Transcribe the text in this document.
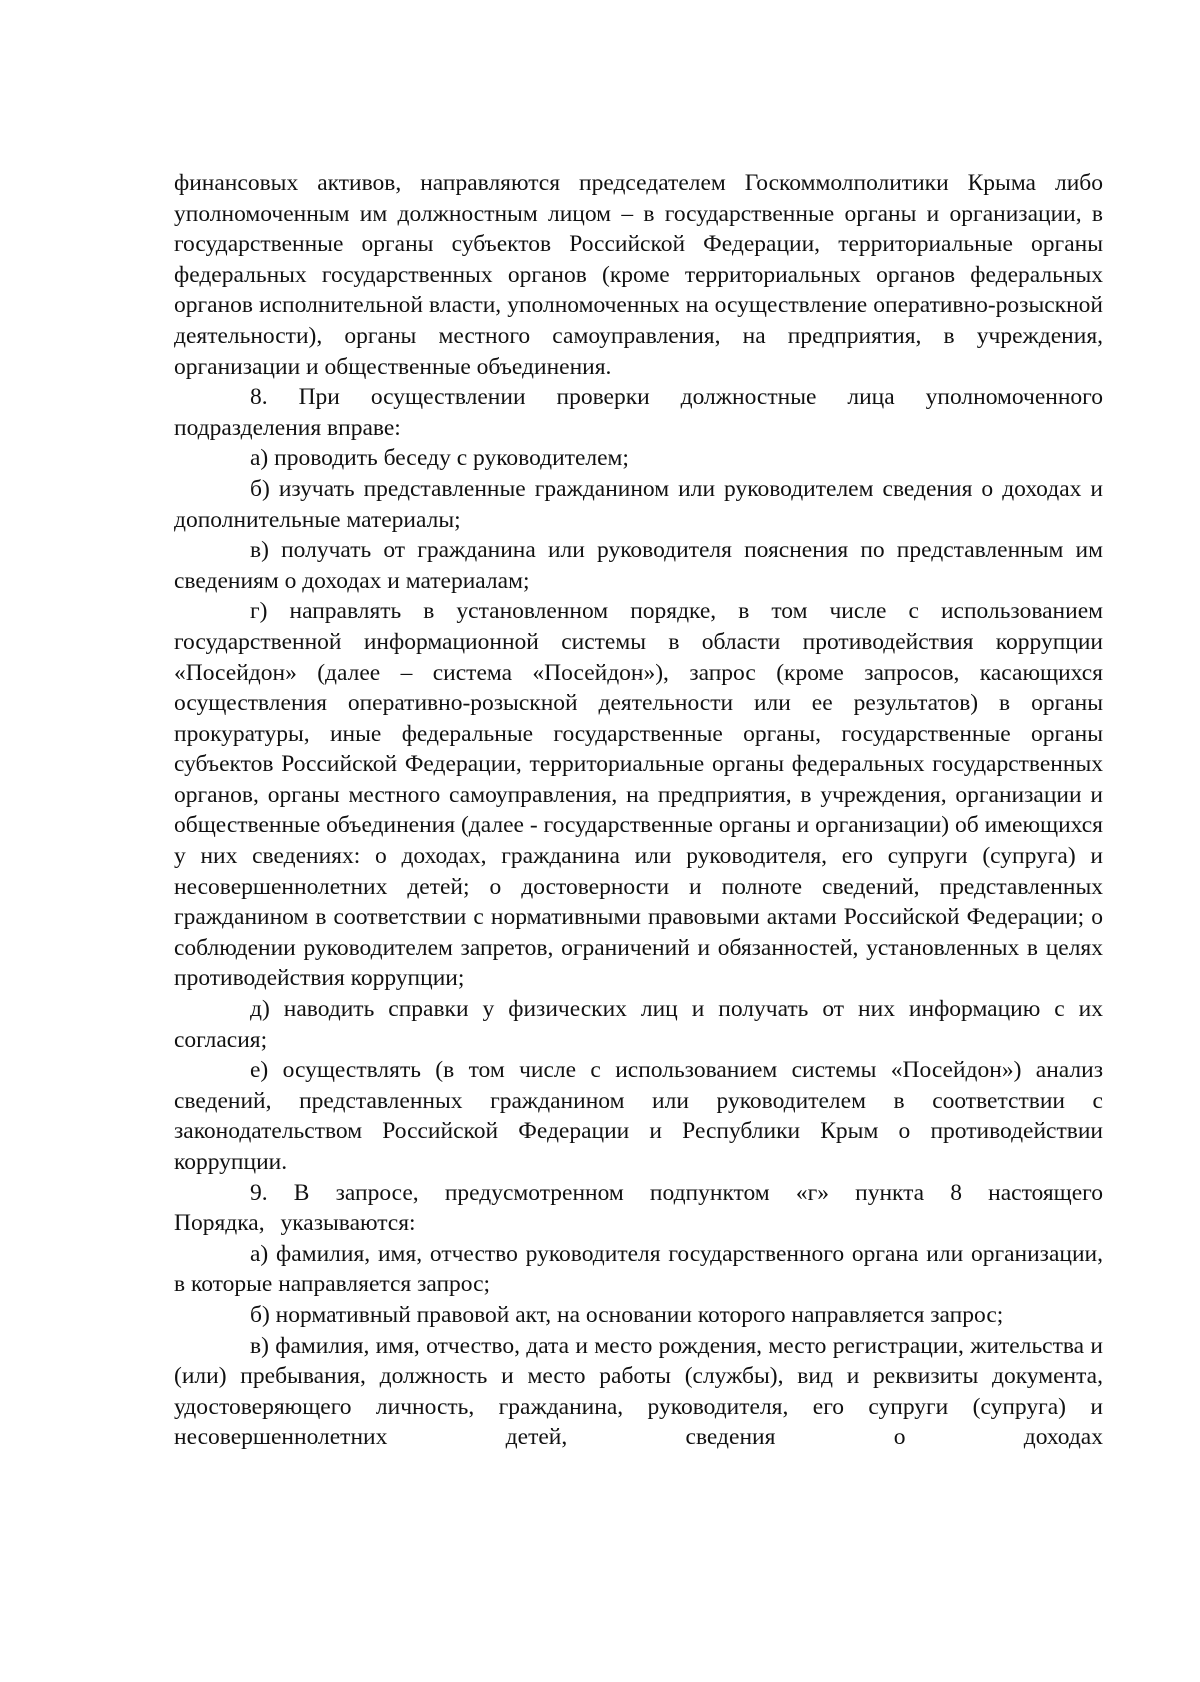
финансовых активов, направляются председателем Госкоммолполитики Крыма либо уполномоченным им должностным лицом – в государственные органы и организации, в государственные органы субъектов Российской Федерации, территориальные органы федеральных государственных органов (кроме территориальных органов федеральных органов исполнительной власти, уполномоченных на осуществление оперативно-розыскной деятельности), органы местного самоуправления, на предприятия, в учреждения, организации и общественные объединения.

8. При осуществлении проверки должностные лица уполномоченного подразделения вправе:

а) проводить беседу с руководителем;

б) изучать представленные гражданином или руководителем сведения о доходах и дополнительные материалы;

в) получать от гражданина или руководителя пояснения по представленным им сведениям о доходах и материалам;

г) направлять в установленном порядке, в том числе с использованием государственной информационной системы в области противодействия коррупции «Посейдон» (далее – система «Посейдон»), запрос (кроме запросов, касающихся осуществления оперативно-розыскной деятельности или ее результатов) в органы прокуратуры, иные федеральные государственные органы, государственные органы субъектов Российской Федерации, территориальные органы федеральных государственных органов, органы местного самоуправления, на предприятия, в учреждения, организации и общественные объединения (далее - государственные органы и организации) об имеющихся у них сведениях: о доходах, гражданина или руководителя, его супруги (супруга) и несовершеннолетних детей; о достоверности и полноте сведений, представленных гражданином в соответствии с нормативными правовыми актами Российской Федерации; о соблюдении руководителем запретов, ограничений и обязанностей, установленных в целях противодействия коррупции;

д) наводить справки у физических лиц и получать от них информацию с их согласия;

е) осуществлять (в том числе с использованием системы «Посейдон») анализ сведений, представленных гражданином или руководителем в соответствии с законодательством Российской Федерации и Республики Крым о противодействии коррупции.

9. В запросе, предусмотренном подпунктом «г» пункта 8 настоящего Порядка, указываются:

а) фамилия, имя, отчество руководителя государственного органа или организации, в которые направляется запрос;

б) нормативный правовой акт, на основании которого направляется запрос;

в) фамилия, имя, отчество, дата и место рождения, место регистрации, жительства и (или) пребывания, должность и место работы (службы), вид и реквизиты документа, удостоверяющего личность, гражданина, руководителя, его супруги (супруга) и несовершеннолетних детей, сведения о доходах
